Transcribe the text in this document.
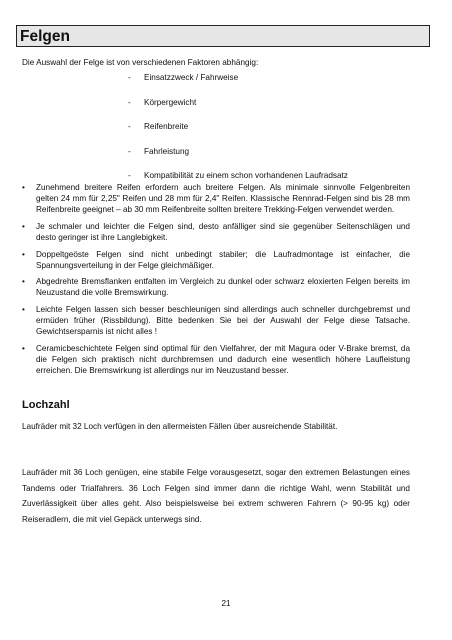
Felgen
Die Auswahl der Felge ist von verschiedenen Faktoren abhängig:
- Einsatzzweck / Fahrweise
- Körpergewicht
- Reifenbreite
- Fahrleistung
- Kompatibilität zu einem schon vorhandenen Laufradsatz
• Zunehmend breitere Reifen erfordern auch breitere Felgen. Als minimale sinnvolle Felgenbreiten gelten 24 mm für 2,25" Reifen und 28 mm für 2,4" Reifen. Klassische Rennrad-Felgen sind bis 28 mm Reifenbreite geeignet – ab 30 mm Reifenbreite sollten breitere Trekking-Felgen verwendet werden.
• Je schmaler und leichter die Felgen sind, desto anfälliger sind sie gegenüber Seitenschlägen und desto geringer ist ihre Langlebigkeit.
• Doppeltgeöste Felgen sind nicht unbedingt stabiler; die Laufradmontage ist einfacher, die Spannungsverteilung in der Felge gleichmäßiger.
• Abgedrehte Bremsflanken entfalten im Vergleich zu dunkel oder schwarz eloxierten Felgen bereits im Neuzustand die volle Bremswirkung.
• Leichte Felgen lassen sich besser beschleunigen sind allerdings auch schneller durchgebremst und ermüden früher (Rissbildung). Bitte bedenken Sie bei der Auswahl der Felge diese Tatsache. Gewichtsersparnis ist nicht alles !
• Ceramicbeschichtete Felgen sind optimal für den Vielfahrer, der mit Magura oder V-Brake bremst, da die Felgen sich praktisch nicht durchbremsen und dadurch eine wesentlich höhere Laufleistung erreichen. Die Bremswirkung ist allerdings nur im Neuzustand besser.
Lochzahl

Laufräder mit 32 Loch verfügen in den allermeisten Fällen über ausreichende Stabilität.

Laufräder mit 36 Loch genügen, eine stabile Felge vorausgesetzt, sogar den extremen Belastungen eines Tandems oder Trialfahrers. 36 Loch Felgen sind immer dann die richtige Wahl, wenn Stabilität und Zuverlässigkeit über alles geht. Also beispielsweise bei extrem schweren Fahrern (> 90-95 kg) oder Reiseradlern, die mit viel Gepäck unterwegs sind.

21
